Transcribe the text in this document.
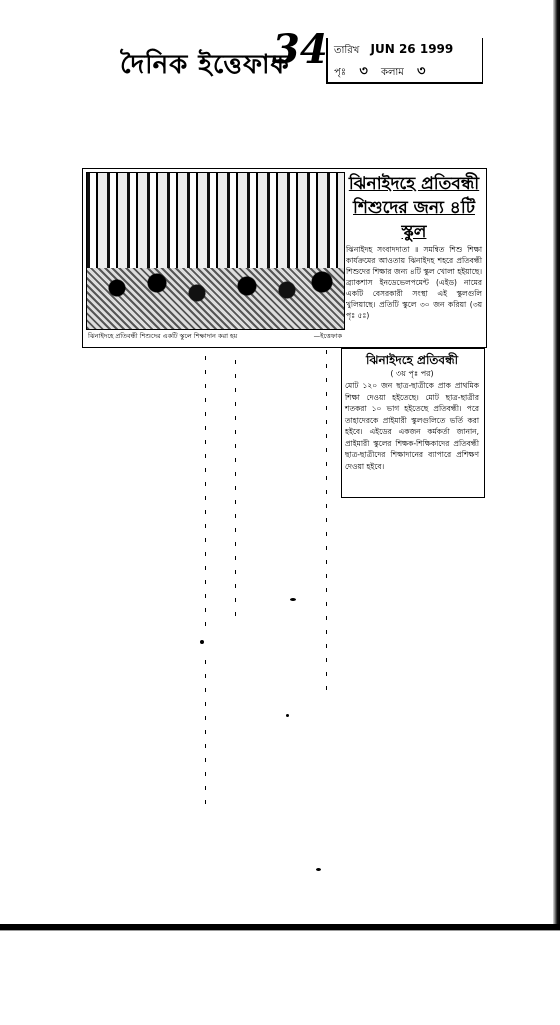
দৈনিক ইত্তেফাক
34 তারিখ JUN 26 1999
পৃঃ ৩ কলাম ৩
ঝিনাইদহে প্রতিবন্ধী শিশুদের একটি স্কুলে শিক্ষাদান করা হয়	—ইত্তেফাক
ঝিনাইদহে প্রতিবন্ধী শিশুদের জন্য ৪টি স্কুল
ঝিনাইদহ সংবাদদাতা ॥ সমন্বিত শিশু শিক্ষা কার্যক্রমের আওতায় ঝিনাইদহ শহরে প্রতিবন্ধী শিশুদের শিক্ষার জন্য ৪টি স্কুল খোলা হইয়াছে। ব্র্যাকশাস ইনডেভেলপমেন্ট (এইড) নামের একটি বেসরকারী সংস্থা এই স্কুলগুলি খুলিয়াছে। প্রতিটি স্কুলে ৩০ জন করিয়া (৩য় পৃঃ ৫ঃ)
ঝিনাইদহে প্রতিবন্ধী
( ৩য় পৃঃ পর)
মোট ১২০ জন ছাত্র-ছাত্রীকে প্রাক প্রাথমিক শিক্ষা দেওয়া হইতেছে। মোট ছাত্র-ছাত্রীর শতকরা ১০ ভাগ হইতেছে প্রতিবন্ধী। পরে তাহাদেরকে প্রাইমারী স্কুলগুলিতে ভর্তি করা হইবে। এইডের একজন কর্মকর্তা জানান, প্রাইমারী স্কুলের শিক্ষক-শিক্ষিকাদের প্রতিবন্ধী ছাত্র-ছাত্রীদের শিক্ষাদানের ব্যাপারে প্রশিক্ষণ দেওয়া হইবে।
